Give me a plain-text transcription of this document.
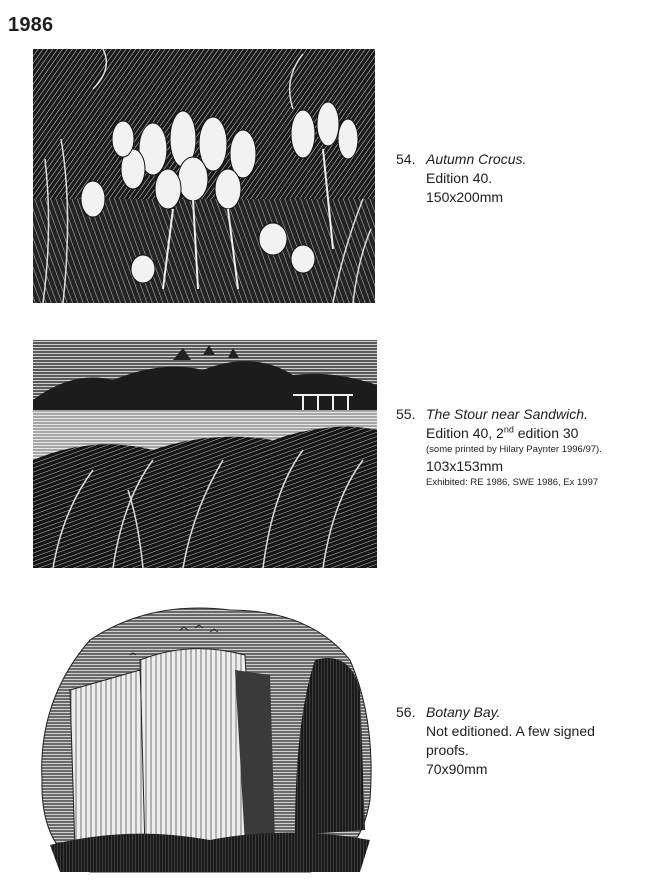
1986
54. Autumn Crocus.
Edition 40.
150x200mm
55. The Stour near Sandwich.
Edition 40, 2nd edition 30
(some printed by Hilary Paynter 1996/97).
103x153mm
Exhibited: RE 1986, SWE 1986, Ex 1997
56. Botany Bay.
Not editioned. A few signed
proofs.
70x90mm
